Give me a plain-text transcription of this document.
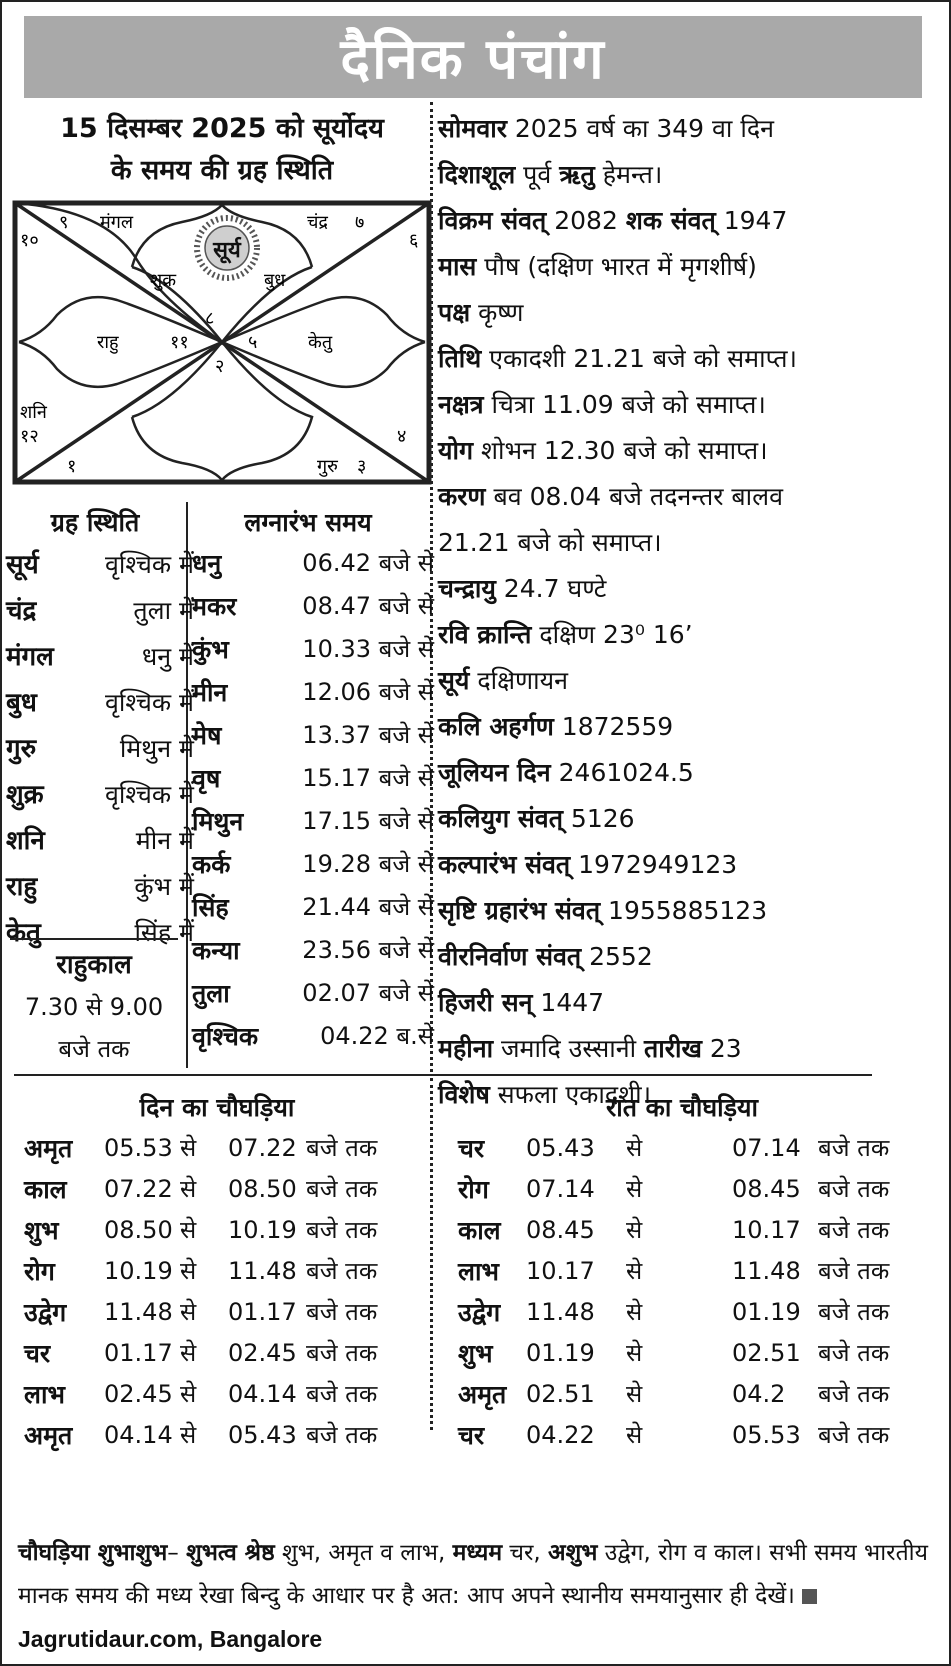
दैनिक पंचांग
15 दिसम्बर 2025 को सूर्योदय
के समय की ग्रह स्थिति
सूर्य
९ मंगल	चंद्र ७
१०	६
शुक्र	बुध
८
राहु	११	५	केतु
२
शनि
१२	४
१	गुरु ३
सोमवार 2025 वर्ष का 349 वा दिन
दिशाशूल पूर्व ऋतु हेमन्त।
विक्रम संवत् 2082 शक संवत् 1947
मास पौष (दक्षिण भारत में मृगशीर्ष)
पक्ष कृष्ण
तिथि एकादशी 21.21 बजे को समाप्त।
नक्षत्र चित्रा 11.09 बजे को समाप्त।
योग शोभन 12.30 बजे को समाप्त।
करण बव 08.04 बजे तदनन्तर बालव
21.21 बजे को समाप्त।
चन्द्रायु 24.7 घण्टे
रवि क्रान्ति दक्षिण 23⁰ 16’
सूर्य दक्षिणायन
कलि अहर्गण 1872559
जूलियन दिन 2461024.5
कलियुग संवत् 5126
कल्पारंभ संवत् 1972949123
सृष्टि ग्रहारंभ संवत् 1955885123
वीरनिर्वाण संवत् 2552
हिजरी सन् 1447
महीना जमादि उस्सानी तारीख 23
विशेष सफला एकादशी।
ग्रह स्थिति
सूर्य	वृश्चिक में
चंद्र	तुला में
मंगल	धनु में
बुध	वृश्चिक में
गुरु	मिथुन में
शुक्र वृश्चिक में
शनि	मीन में
राहु	कुंभ में
केतु	सिंह में
राहुकाल
7.30 से 9.00
बजे तक
लग्नारंभ समय
धनु	06.42 बजे से
मकर	08.47 बजे से
कुंभ	10.33 बजे से
मीन	12.06 बजे से
मेष	13.37 बजे से
वृष	15.17 बजे से
मिथुन 17.15 बजे से
कर्क	19.28 बजे से
सिंह	21.44 बजे से
कन्या	23.56 बजे से
तुला	02.07 बजे से
वृश्चिक	04.22 ब.से
दिन का चौघड़िया
अमृत	05.53 से	07.22 बजे तक
काल	07.22 से	08.50 बजे तक
शुभ	08.50 से	10.19 बजे तक
रोग	10.19 से	11.48 बजे तक
उद्वेग	11.48 से	01.17 बजे तक
चर	01.17 से	02.45 बजे तक
लाभ	02.45 से	04.14 बजे तक
अमृत	04.14 से	05.43 बजे तक
रात का चौघड़िया
चर	05.43	से	07.14 बजे तक
रोग	07.14	से	08.45 बजे तक
काल	08.45	से	10.17 बजे तक
लाभ	10.17	से	11.48 बजे तक
उद्वेग	11.48	से	01.19 बजे तक
शुभ	01.19	से	02.51 बजे तक
अमृत 02.51	से	04.2	बजे तक
चर	04.22	से	05.53 बजे तक
चौघड़िया शुभाशुभ– शुभत्व श्रेष्ठ शुभ, अमृत व लाभ, मध्यम चर, अशुभ उद्वेग, रोग व काल। सभी समय भारतीय मानक समय की मध्य रेखा बिन्दु के आधार पर है अत: आप अपने स्थानीय समयानुसार ही देखें। Jagrutidaur.com, Bangalore
